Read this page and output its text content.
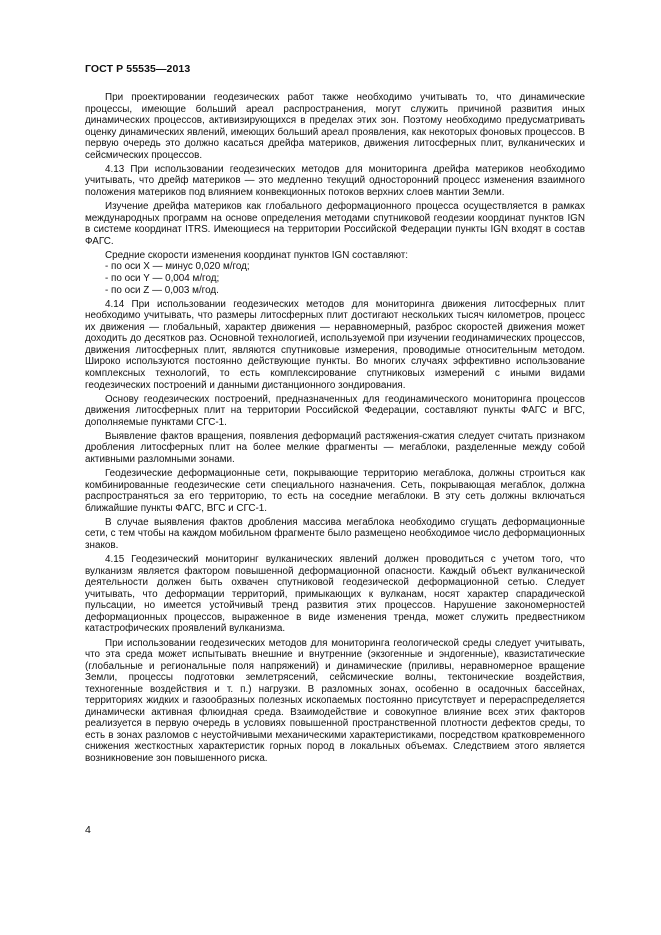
ГОСТ Р 55535—2013

При проектировании геодезических работ также необходимо учитывать то, что динамические процессы, имеющие больший ареал распространения, могут служить причиной развития иных динамических процессов, активизирующихся в пределах этих зон. Поэтому необходимо предусматривать оценку динамических явлений, имеющих больший ареал проявления, как некоторых фоновых процессов. В первую очередь это должно касаться дрейфа материков, движения литосферных плит, вулканических и сейсмических процессов.

4.13 При использовании геодезических методов для мониторинга дрейфа материков необходимо учитывать, что дрейф материков — это медленно текущий односторонний процесс изменения взаимного положения материков под влиянием конвекционных потоков верхних слоев мантии Земли.

Изучение дрейфа материков как глобального деформационного процесса осуществляется в рамках международных программ на основе определения методами спутниковой геодезии координат пунктов IGN в системе координат ITRS. Имеющиеся на территории Российской Федерации пункты IGN входят в состав ФАГС.

Средние скорости изменения координат пунктов IGN составляют:

- по оси X — минус 0,020 м/год;

- по оси Y — 0,004 м/год;

- по оси Z — 0,003 м/год.

4.14 При использовании геодезических методов для мониторинга движения литосферных плит необходимо учитывать, что размеры литосферных плит достигают нескольких тысяч километров, процесс их движения — глобальный, характер движения — неравномерный, разброс скоростей движения может доходить до десятков раз. Основной технологией, используемой при изучении геодинамических процессов, движения литосферных плит, являются спутниковые измерения, проводимые относительным методом. Широко используются постоянно действующие пункты. Во многих случаях эффективно использование комплексных технологий, то есть комплексирование спутниковых измерений с иными видами геодезических построений и данными дистанционного зондирования.

Основу геодезических построений, предназначенных для геодинамического мониторинга процессов движения литосферных плит на территории Российской Федерации, составляют пункты ФАГС и ВГС, дополняемые пунктами СГС-1.

Выявление фактов вращения, появления деформаций растяжения-сжатия следует считать признаком дробления литосферных плит на более мелкие фрагменты — мегаблоки, разделенные между собой активными разломными зонами.

Геодезические деформационные сети, покрывающие территорию мегаблока, должны строиться как комбинированные геодезические сети специального назначения. Сеть, покрывающая мегаблок, должна распространяться за его территорию, то есть на соседние мегаблоки. В эту сеть должны включаться ближайшие пункты ФАГС, ВГС и СГС-1.

В случае выявления фактов дробления массива мегаблока необходимо сгущать деформационные сети, с тем чтобы на каждом мобильном фрагменте было размещено необходимое число деформационных знаков.

4.15 Геодезический мониторинг вулканических явлений должен проводиться с учетом того, что вулканизм является фактором повышенной деформационной опасности. Каждый объект вулканической деятельности должен быть охвачен спутниковой геодезической деформационной сетью. Следует учитывать, что деформации территорий, примыкающих к вулканам, носят характер спарадической пульсации, но имеется устойчивый тренд развития этих процессов. Нарушение закономерностей деформационных процессов, выраженное в виде изменения тренда, может служить предвестником катастрофических проявлений вулканизма.

При использовании геодезических методов для мониторинга геологической среды следует учитывать, что эта среда может испытывать внешние и внутренние (экзогенные и эндогенные), квазистатические (глобальные и региональные поля напряжений) и динамические (приливы, неравномерное вращение Земли, процессы подготовки землетрясений, сейсмические волны, тектонические воздействия, техногенные воздействия и т. п.) нагрузки. В разломных зонах, особенно в осадочных бассейнах, территориях жидких и газообразных полезных ископаемых постоянно присутствует и перераспределяется динамически активная флюидная среда. Взаимодействие и совокупное влияние всех этих факторов реализуется в первую очередь в условиях повышенной пространственной плотности дефектов среды, то есть в зонах разломов с неустойчивыми механическими характеристиками, посредством кратковременного снижения жесткостных характеристик горных пород в локальных объемах. Следствием этого является возникновение зон повышенного риска.

4
